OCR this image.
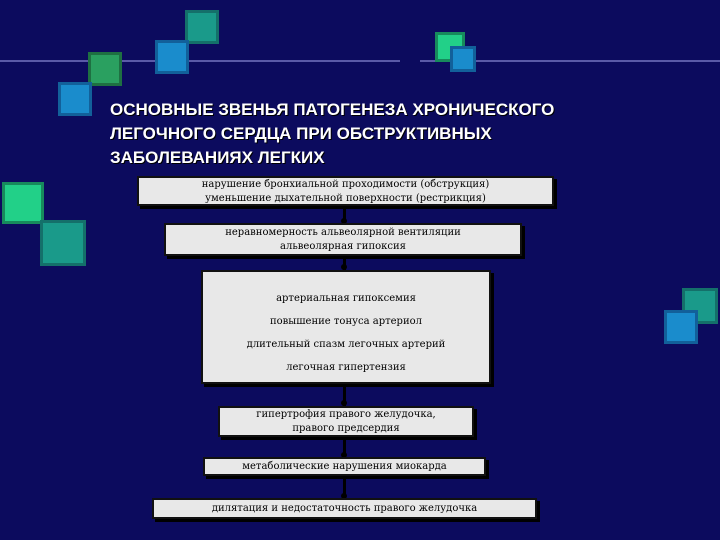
ОСНОВНЫЕ ЗВЕНЬЯ ПАТОГЕНЕЗА ХРОНИЧЕСКОГО
ЛЕГОЧНОГО СЕРДЦА ПРИ ОБСТРУКТИВНЫХ
ЗАБОЛЕВАНИЯХ ЛЕГКИХ
нарушение бронхиальной проходимости (обструкция)
уменьшение дыхательной поверхности (рестрикция)
неравномерность альвеолярной вентиляции
альвеолярная гипоксия
артериальная гипоксемия
повышение тонуса артериол
длительный спазм легочных артерий
легочная гипертензия
гипертрофия правого желудочка,
правого предсердия
метаболические нарушения миокарда
дилятация и недостаточность правого желудочка
